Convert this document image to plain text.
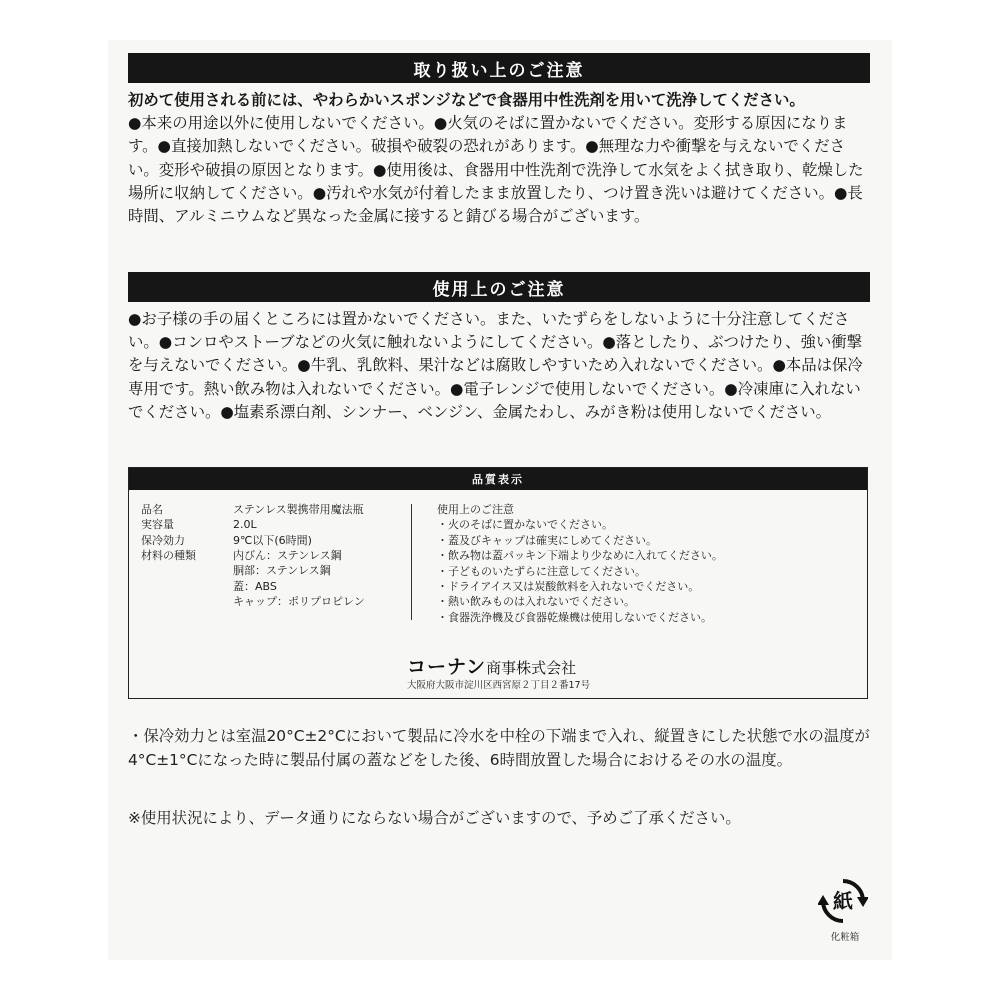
取り扱い上のご注意

初めて使用される前には、やわらかいスポンジなどで食器用中性洗剤を用いて洗浄してください。
●本来の用途以外に使用しないでください。●火気のそばに置かないでください。変形する原因になります。●直接加熱しないでください。破損や破裂の恐れがあります。●無理な力や衝撃を与えないでください。変形や破損の原因となります。●使用後は、食器用中性洗剤で洗浄して水気をよく拭き取り、乾燥した場所に収納してください。●汚れや水気が付着したまま放置したり、つけ置き洗いは避けてください。●長時間、アルミニウムなど異なった金属に接すると錆びる場合がございます。

使用上のご注意

●お子様の手の届くところには置かないでください。また、いたずらをしないように十分注意してください。●コンロやストーブなどの火気に触れないようにしてください。●落としたり、ぶつけたり、強い衝撃を与えないでください。●牛乳、乳飲料、果汁などは腐敗しやすいため入れないでください。●本品は保冷専用です。熱い飲み物は入れないでください。●電子レンジで使用しないでください。●冷凍庫に入れないでください。●塩素系漂白剤、シンナー、ベンジン、金属たわし、みがき粉は使用しないでください。

品質表示
品名	ステンレス製携帯用魔法瓶
実容量	2.0L
保冷効力	9℃以下(6時間)
材料の種類	内びん：ステンレス鋼
胴部：ステンレス鋼
蓋：ABS
キャップ：ポリプロピレン
使用上のご注意
・火のそばに置かないでください。
・蓋及びキャップは確実にしめてください。
・飲み物は蓋パッキン下端より少なめに入れてください。
・子どものいたずらに注意してください。
・ドライアイス又は炭酸飲料を入れないでください。
・熱い飲みものは入れないでください。
・食器洗浄機及び食器乾燥機は使用しないでください。
コーナン商事株式会社
大阪府大阪市淀川区西宮原２丁目２番17号

・保冷効力とは室温20°C±2°Cにおいて製品に冷水を中栓の下端まで入れ、縦置きにした状態で水の温度が4°C±1°Cになった時に製品付属の蓋などをした後、6時間放置した場合におけるその水の温度。

※使用状況により、データ通りにならない場合がございますので、予めご了承ください。

紙
化粧箱
